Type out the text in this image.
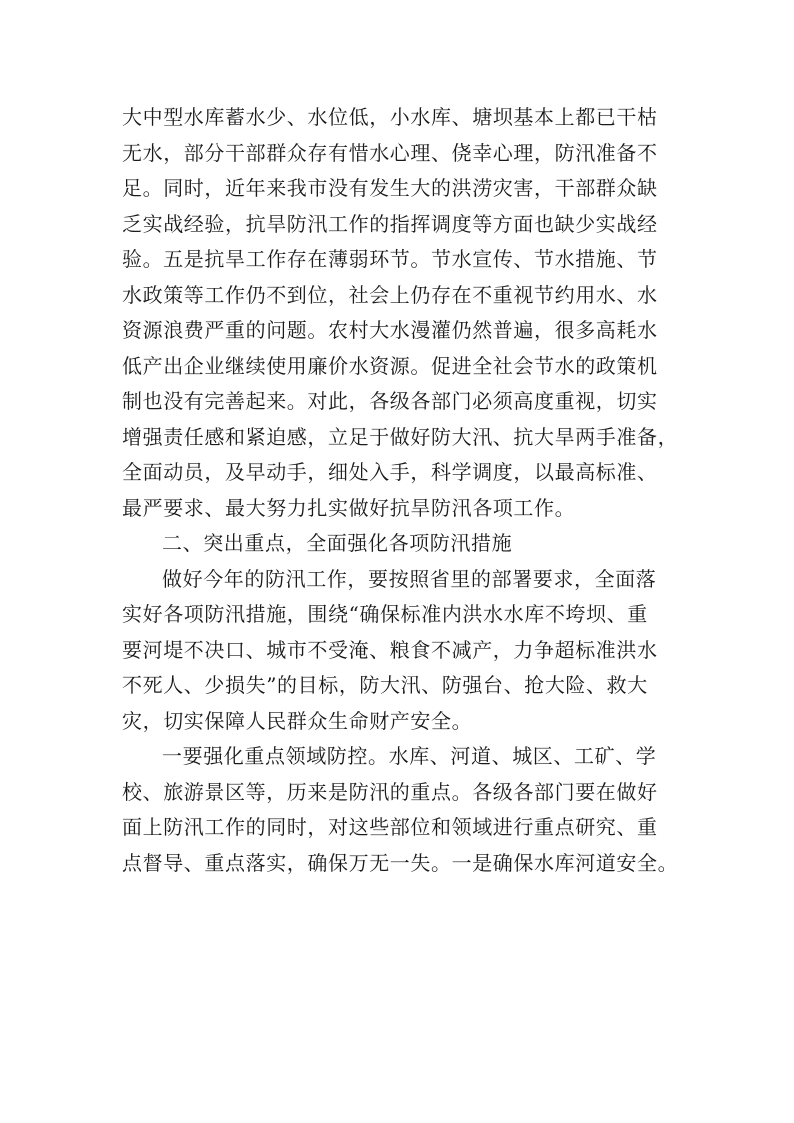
大中型水库蓄水少、水位低，小水库、塘坝基本上都已干枯
无水，部分干部群众存有惜水心理、侥幸心理，防汛准备不
足。同时，近年来我市没有发生大的洪涝灾害，干部群众缺
乏实战经验，抗旱防汛工作的指挥调度等方面也缺少实战经
验。五是抗旱工作存在薄弱环节。节水宣传、节水措施、节
水政策等工作仍不到位，社会上仍存在不重视节约用水、水
资源浪费严重的问题。农村大水漫灌仍然普遍，很多高耗水
低产出企业继续使用廉价水资源。促进全社会节水的政策机
制也没有完善起来。对此，各级各部门必须高度重视，切实
增强责任感和紧迫感，立足于做好防大汛、抗大旱两手准备，
全面动员，及早动手，细处入手，科学调度，以最高标准、
最严要求、最大努力扎实做好抗旱防汛各项工作。
二、突出重点，全面强化各项防汛措施
做好今年的防汛工作，要按照省里的部署要求，全面落
实好各项防汛措施，围绕“确保标准内洪水水库不垮坝、重
要河堤不决口、城市不受淹、粮食不减产，力争超标准洪水
不死人、少损失”的目标，防大汛、防强台、抢大险、救大
灾，切实保障人民群众生命财产安全。
一要强化重点领域防控。水库、河道、城区、工矿、学
校、旅游景区等，历来是防汛的重点。各级各部门要在做好
面上防汛工作的同时，对这些部位和领域进行重点研究、重
点督导、重点落实，确保万无一失。一是确保水库河道安全。
